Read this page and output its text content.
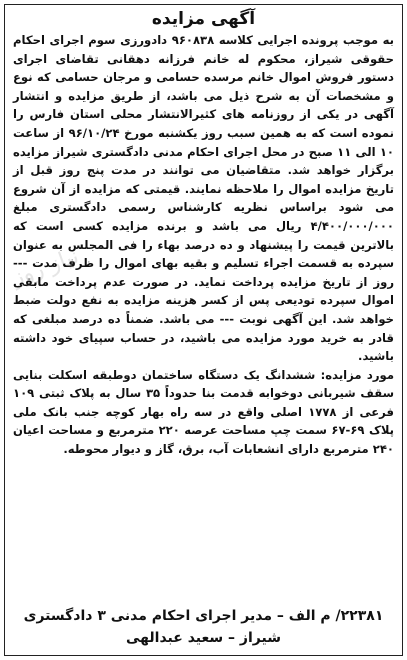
نیاز روز
آگهی مزایده

به موجب پرونده اجرایی کلاسه ۹۶۰۸۳۸ دادورزی سوم اجرای احکام حقوقی شیراز، محکوم له خانم فرزانه دهقانی تقاضای اجرای دستور فروش اموال خانم مرسده حسامی و مرجان حسامی که نوع و مشخصات آن به شرح ذیل می باشد، از طریق مزایده و انتشار آگهی در یکی از روزنامه های کثیرالانتشار محلی استان فارس را نموده است که به همین سبب روز یکشنبه مورخ ۹۶/۱۰/۲۴ از ساعت ۱۰ الی ۱۱ صبح در محل اجرای احکام مدنی دادگستری شیراز مزایده برگزار خواهد شد. متقاضیان می توانند در مدت پنج روز قبل از تاریخ مزایده اموال را ملاحظه نمایند. قیمتی که مزایده از آن شروع می شود براساس نظریه کارشناس رسمی دادگستری مبلغ ۴/۴۰۰/۰۰۰/۰۰۰ ریال می باشد و برنده مزایده کسی است که بالاترین قیمت را پیشنهاد و ده درصد بهاء را فی المجلس به عنوان سپرده به قسمت اجراء تسلیم و بقیه بهای اموال را ظرف مدت --- روز از تاریخ مزایده پرداخت نماید. در صورت عدم پرداخت مابقی اموال سپرده تودیعی پس از کسر هزینه مزایده به نفع دولت ضبط خواهد شد. این آگهی نوبت --- می باشد. ضمناً ده درصد مبلغی که قادر به خرید مورد مزایده می باشید، در حساب سپیای خود داشته باشید.

مورد مزایده: ششدانگ یک دستگاه ساختمان دوطبقه اسکلت بنایی سقف شیربانی دوخوابه قدمت بنا حدوداً ۳۵ سال به پلاک ثبتی ۱۰۹ فرعی از ۱۷۷۸ اصلی واقع در سه راه بهار کوچه جنب بانک ملی پلاک ۶۹-۶۷ سمت چپ مساحت عرصه ۲۲۰ مترمربع و مساحت اعیان ۲۴۰ مترمربع دارای انشعابات آب، برق، گاز و دیوار محوطه.

۲۲۳۸۱/ م الف – مدیر اجرای احکام مدنی ۳ دادگستری

شیراز – سعید عبدالهی
